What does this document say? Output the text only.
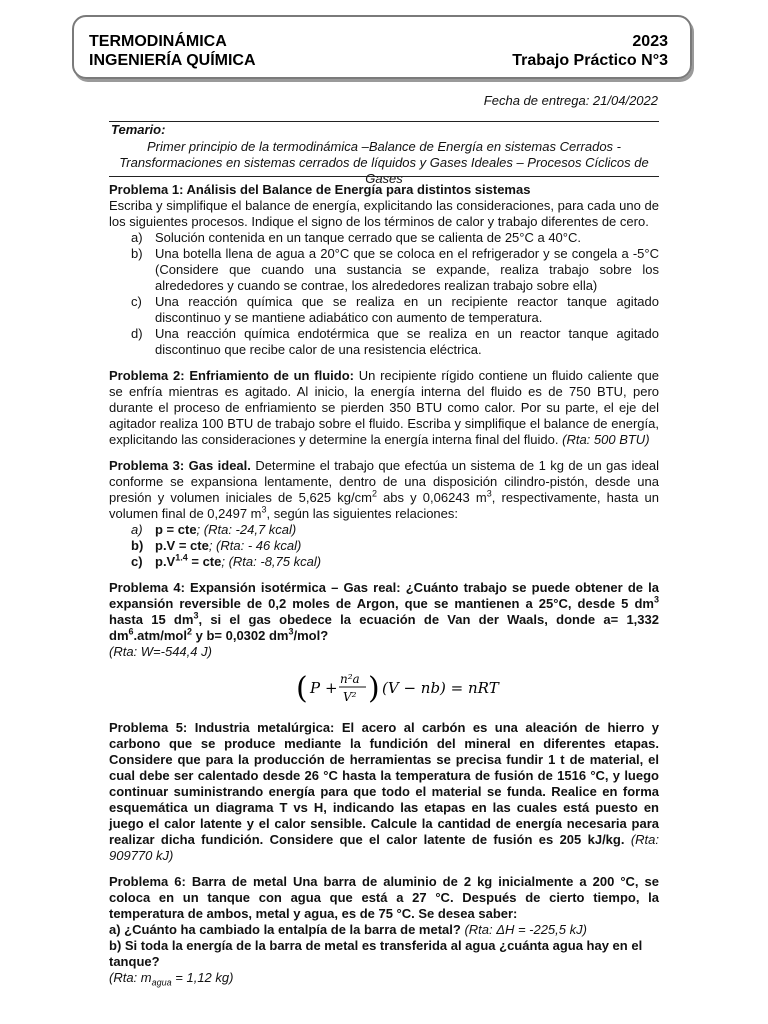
TERMODINÁMICA
INGENIERÍA QUÍMICA
2023
Trabajo Práctico N°3
Fecha de entrega: 21/04/2022
Temario:
Primer principio de la termodinámica –Balance de Energía en sistemas Cerrados - Transformaciones en sistemas cerrados de líquidos y Gases Ideales – Procesos Cíclicos de Gases
Problema 1: Análisis del Balance de Energía para distintos sistemas
Escriba y simplifique el balance de energía, explicitando las consideraciones, para cada uno de los siguientes procesos. Indique el signo de los términos de calor y trabajo diferentes de cero.
a) Solución contenida en un tanque cerrado que se calienta de 25°C a 40°C.
b) Una botella llena de agua a 20°C que se coloca en el refrigerador y se congela a -5°C (Considere que cuando una sustancia se expande, realiza trabajo sobre los alrededores y cuando se contrae, los alrededores realizan trabajo sobre ella)
c) Una reacción química que se realiza en un recipiente reactor tanque agitado discontinuo y se mantiene adiabático con aumento de temperatura.
d) Una reacción química endotérmica que se realiza en un reactor tanque agitado discontinuo que recibe calor de una resistencia eléctrica.
Problema 2: Enfriamiento de un fluido: Un recipiente rígido contiene un fluido caliente que se enfría mientras es agitado. Al inicio, la energía interna del fluido es de 750 BTU, pero durante el proceso de enfriamiento se pierden 350 BTU como calor. Por su parte, el eje del agitador realiza 100 BTU de trabajo sobre el fluido. Escriba y simplifique el balance de energía, explicitando las consideraciones y determine la energía interna final del fluido. (Rta: 500 BTU)
Problema 3: Gas ideal. Determine el trabajo que efectúa un sistema de 1 kg de un gas ideal conforme se expansiona lentamente, dentro de una disposición cilindro-pistón, desde una presión y volumen iniciales de 5,625 $kg/cm^2$ abs y 0,06243 $m^3$, respectivamente, hasta un volumen final de 0,2497 $m^3$, según las siguientes relaciones:
a) p = cte; (Rta: -24,7 kcal)
b) p.V = cte; (Rta: - 46 kcal)
c) $p.V^{1.4}$ = cte; (Rta: -8,75 kcal)
Problema 4: Expansión isotérmica – Gas real: ¿Cuánto trabajo se puede obtener de la expansión reversible de 0,2 moles de Argon, que se mantienen a 25°C, desde 5 $dm^3$ hasta 15 $dm^3$, si el gas obedece la ecuación de Van der Waals, donde a= 1,332 $dm^6.atm/mol^2$ y b= 0,0302 $dm^3$/mol?
(Rta: W=-544,4 J)
( P + n²a
V² ) (V − nb) = nRT
Problema 5: Industria metalúrgica: El acero al carbón es una aleación de hierro y carbono que se produce mediante la fundición del mineral en diferentes etapas. Considere que para la producción de herramientas se precisa fundir 1 t de material, el cual debe ser calentado desde 26 °C hasta la temperatura de fusión de 1516 °C, y luego continuar suministrando energía para que todo el material se funda. Realice en forma esquemática un diagrama T vs H, indicando las etapas en las cuales está puesto en juego el calor latente y el calor sensible. Calcule la cantidad de energía necesaria para realizar dicha fundición. Considere que el calor latente de fusión es 205 kJ/kg. (Rta: 909770 kJ)
Problema 6: Barra de metal Una barra de aluminio de 2 kg inicialmente a 200 °C, se coloca en un tanque con agua que está a 27 °C. Después de cierto tiempo, la temperatura de ambos, metal y agua, es de 75 °C. Se desea saber:
a) ¿Cuánto ha cambiado la entalpía de la barra de metal? (Rta: ΔH = -225,5 kJ)
b) Si toda la energía de la barra de metal es transferida al agua ¿cuánta agua hay en el tanque?
(Rta: $m_{agua} = 1,12$ kg)
